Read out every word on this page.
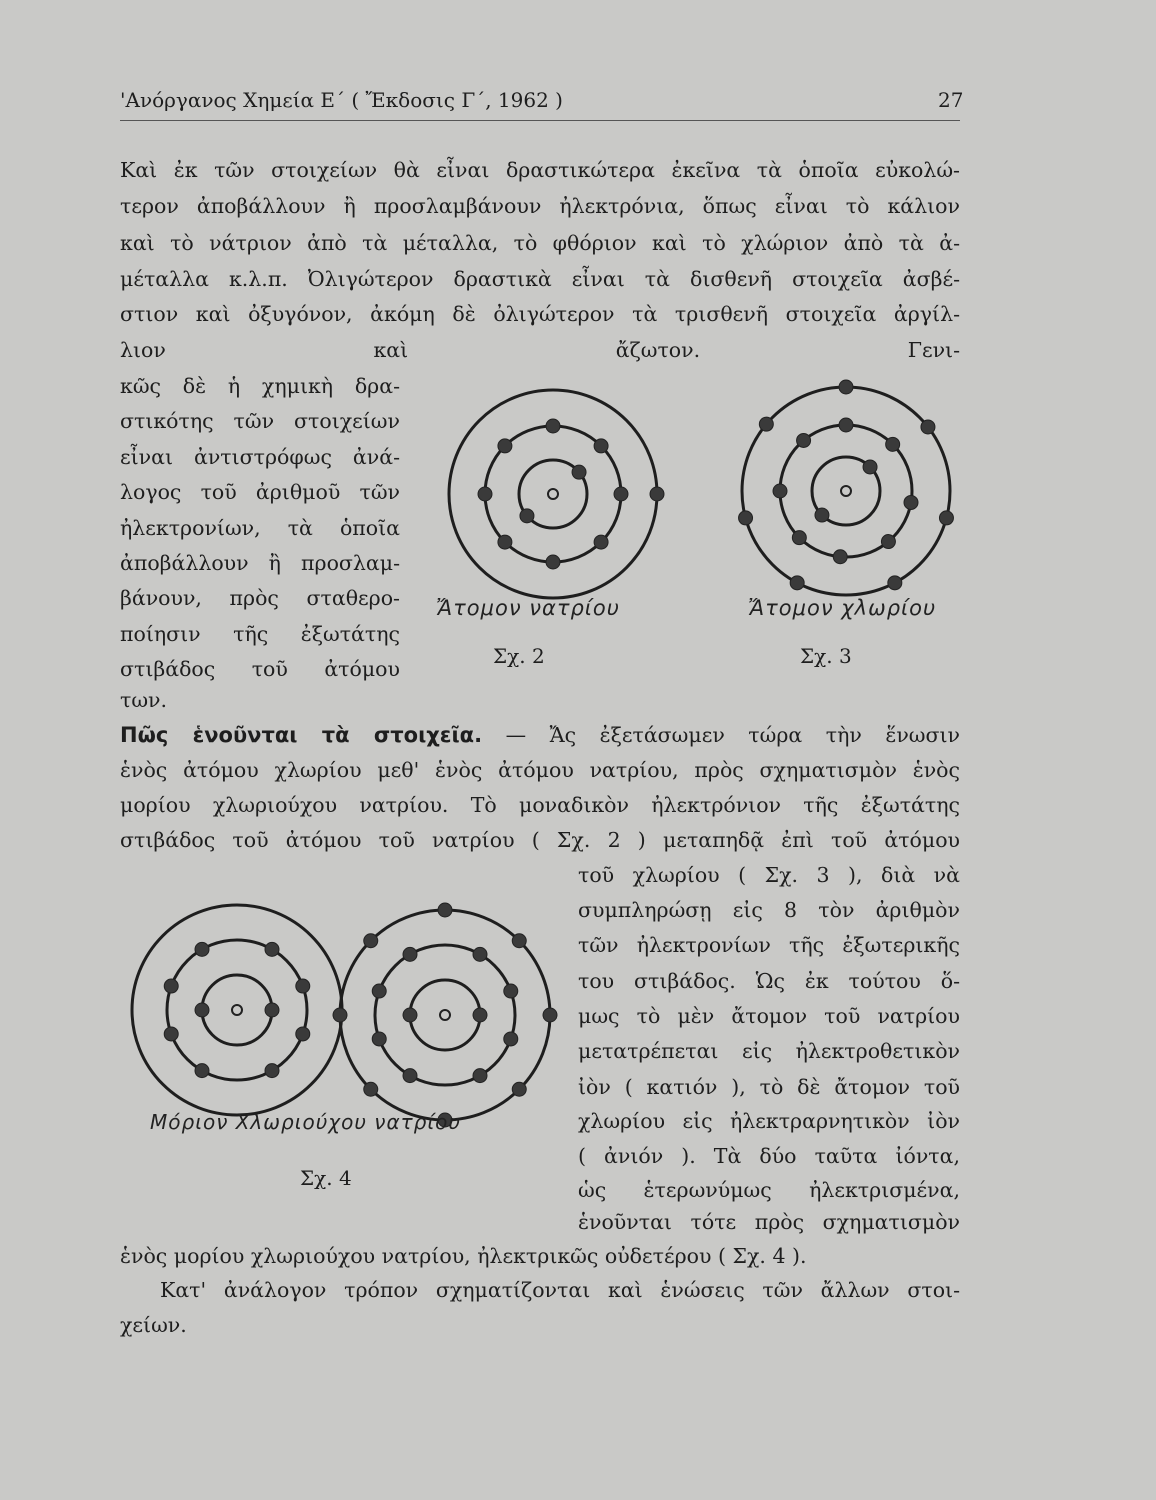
'Ανόργανος Χημεία Ε΄ ( Ἔκδοσις Γ΄, 1962 )	27
Καὶ ἐκ τῶν στοιχείων θὰ εἶναι δραστικώτερα ἐκεῖνα τὰ ὁποῖα εὐκολώ-
τερον ἀποβάλλουν ἢ προσλαμβάνουν ἠλεκτρόνια, ὅπως εἶναι τὸ κάλιον
καὶ τὸ νάτριον ἀπὸ τὰ μέταλλα, τὸ φθόριον καὶ τὸ χλώριον ἀπὸ τὰ ἀ-
μέταλλα κ.λ.π. Ὀλιγώτερον δραστικὰ εἶναι τὰ δισθενῆ στοιχεῖα ἀσβέ-
στιον καὶ ὀξυγόνον, ἀκόμη δὲ ὀλιγώτερον τὰ τρισθενῆ στοιχεῖα ἀργίλ-
λιον καὶ ἄζωτον. Γενι-
κῶς δὲ ἡ χημικὴ δρα-
στικότης τῶν στοιχείων
εἶναι ἀντιστρόφως ἀνά-
λογος τοῦ ἀριθμοῦ τῶν
ἠλεκτρονίων, τὰ ὁποῖα
ἀποβάλλουν ἢ προσλαμ-
βάνουν, πρὸς σταθερο-
ποίησιν τῆς ἐξωτάτης
στιβάδος τοῦ ἀτόμου
των.
ἑνὸς ἀτόμου χλωρίου μεθ' ἑνὸς ἀτόμου νατρίου, πρὸς σχηματισμὸν ἑνὸς
μορίου χλωριούχου νατρίου. Τὸ μοναδικὸν ἠλεκτρόνιον τῆς ἐξωτάτης
στιβάδος τοῦ ἀτόμου τοῦ νατρίου ( Σχ. 2 ) μεταπηδᾷ ἐπὶ τοῦ ἀτόμου
τοῦ χλωρίου ( Σχ. 3 ), διὰ νὰ
συμπληρώσῃ εἰς 8 τὸν ἀριθμὸν
τῶν ἠλεκτρονίων τῆς ἐξωτερικῆς
του στιβάδος. Ὡς ἐκ τούτου ὅ-
μως τὸ μὲν ἄτομον τοῦ νατρίου
μετατρέπεται εἰς ἠλεκτροθετικὸν
ἰὸν ( κατιόν ), τὸ δὲ ἄτομον τοῦ
χλωρίου εἰς ἠλεκτραρνητικὸν ἰὸν
( ἀνιόν ). Τὰ δύο ταῦτα ἰόντα,
ὡς ἑτερωνύμως ἠλεκτρισμένα,
ἑνοῦνται τότε πρὸς σχηματισμὸν
ἑνὸς μορίου χλωριούχου νατρίου, ἠλεκτρικῶς οὐδετέρου ( Σχ. 4 ).
Κατ' ἀνάλογον τρόπον σχηματίζονται καὶ ἑνώσεις τῶν ἄλλων στοι-
χείων.
Πῶς ἑνοῦνται τὰ στοιχεῖα. — Ἄς ἐξετάσωμεν τώρα τὴν ἕνωσιν
Ἄτομον νατρίου
Σχ. 2
Ἄτομον χλωρίου
Σχ. 3
Μόριον Χλωριούχου νατρίου
Σχ. 4
